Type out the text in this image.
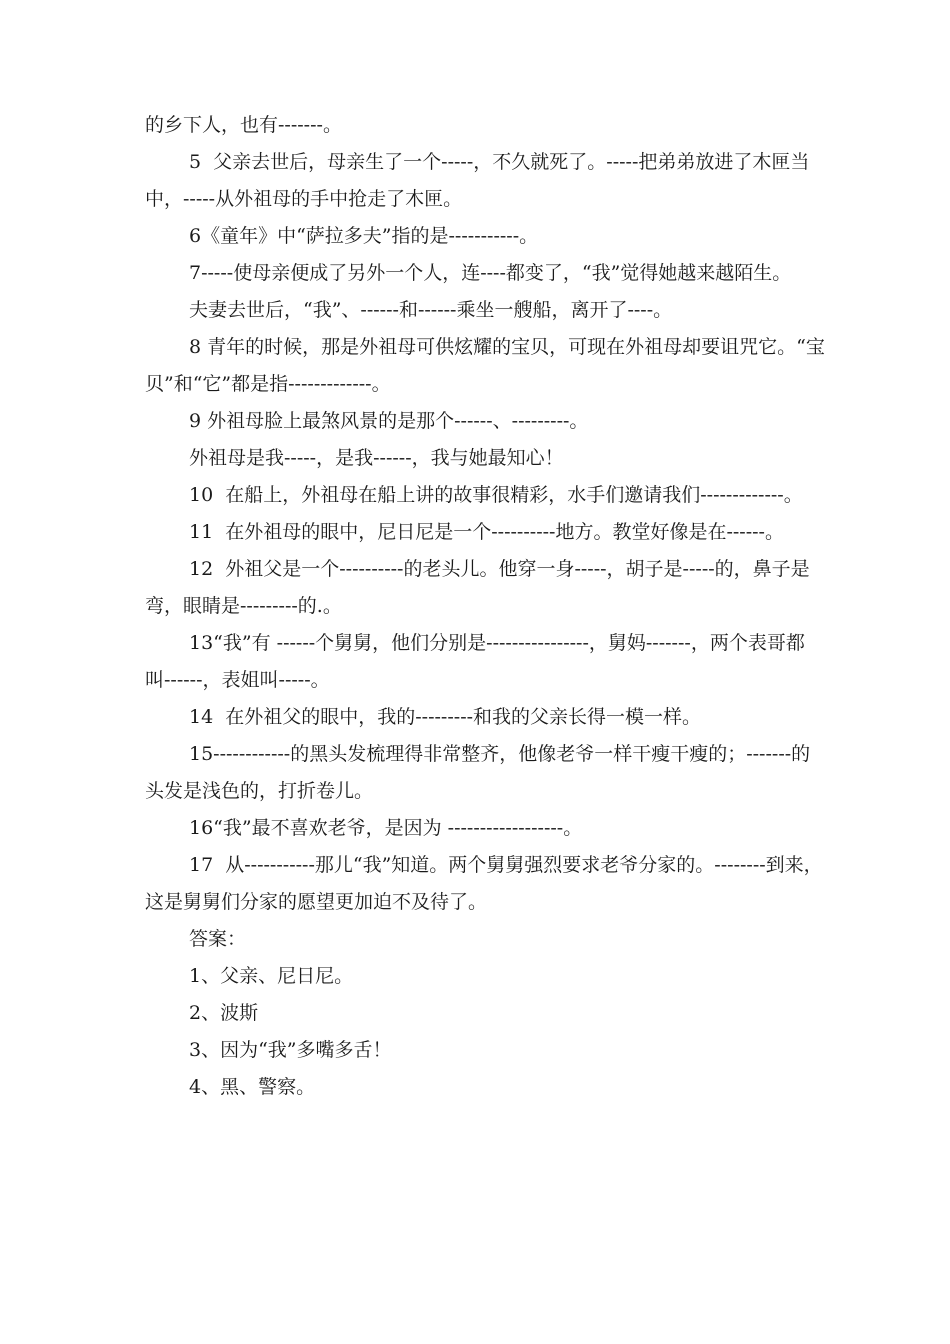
的乡下人，也有-------。

5  父亲去世后，母亲生了一个-----，不久就死了。-----把弟弟放进了木匣当中，-----从外祖母的手中抢走了木匣。

6《童年》中“萨拉多夫”指的是-----------。

7-----使母亲便成了另外一个人，连----都变了，“我”觉得她越来越陌生。

夫妻去世后，“我”、------和------乘坐一艘船，离开了----。

8 青年的时候，那是外祖母可供炫耀的宝贝，可现在外祖母却要诅咒它。“宝贝”和“它”都是指-------------。

9 外祖母脸上最煞风景的是那个------、---------。

外祖母是我-----，是我------，我与她最知心！

10  在船上，外祖母在船上讲的故事很精彩，水手们邀请我们-------------。

11  在外祖母的眼中，尼日尼是一个----------地方。教堂好像是在------。

12  外祖父是一个----------的老头儿。他穿一身-----，胡子是-----的，鼻子是弯，眼睛是---------的.。

13“我”有 ------个舅舅，他们分别是----------------，舅妈-------，两个表哥都叫------，表姐叫-----。

14  在外祖父的眼中，我的---------和我的父亲长得一模一样。

15------------的黑头发梳理得非常整齐，他像老爷一样干瘦干瘦的；-------的头发是浅色的，打折卷儿。

16“我”最不喜欢老爷，是因为 ------------------。

17  从-----------那儿“我”知道。两个舅舅强烈要求老爷分家的。--------到来，这是舅舅们分家的愿望更加迫不及待了。

答案：

1、父亲、尼日尼。

2、波斯

3、因为“我”多嘴多舌！

4、黑、警察。
